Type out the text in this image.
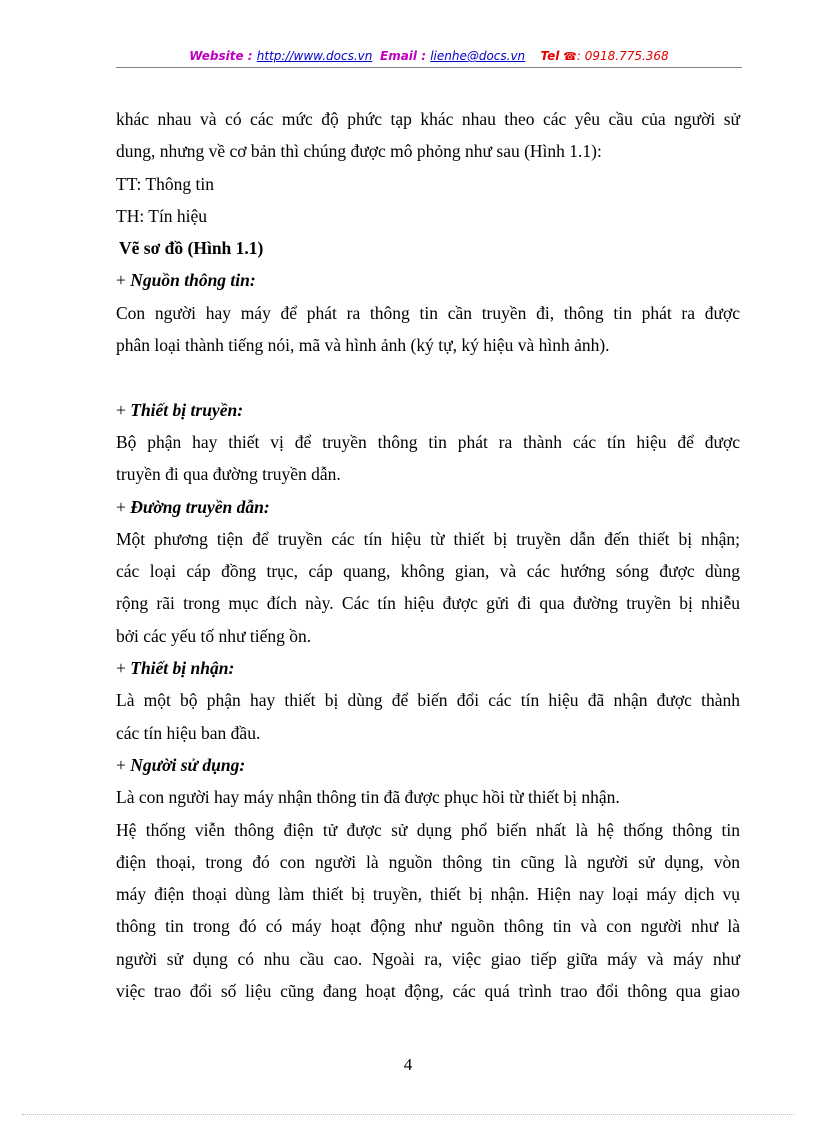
Website : http://www.docs.vn Email : lienhe@docs.vn Tel ☎: 0918.775.368
khác nhau và có các mức độ phức tạp khác nhau theo các yêu cầu của người sử
dung, nhưng về cơ bản thì chúng được mô phỏng như sau (Hình 1.1):
TT: Thông tin
TH: Tín hiệu
Vẽ sơ đồ (Hình 1.1)
+ Nguồn thông tin:
Con người hay máy để phát ra thông tin cần truyền đi, thông tin phát ra được
phân loại thành tiếng nói, mã và hình ảnh (ký tự, ký hiệu và hình ảnh).
+ Thiết bị truyền:
Bộ phận hay thiết vị để truyền thông tin phát ra thành các tín hiệu để được
truyền đi qua đường truyền dẫn.
+ Đường truyền dẫn:
Một phương tiện để truyền các tín hiệu từ thiết bị truyền dẫn đến thiết bị nhận;
các loại cáp đồng trục, cáp quang, không gian, và các hướng sóng được dùng
rộng rãi trong mục đích này. Các tín hiệu được gửi đi qua đường truyền bị nhiễu
bởi các yếu tố như tiếng ồn.
+ Thiết bị nhận:
Là một bộ phận hay thiết bị dùng để biến đổi các tín hiệu đã nhận được thành
các tín hiệu ban đầu.
+ Người sử dụng:
Là con người hay máy nhận thông tin đã được phục hồi từ thiết bị nhận.
Hệ thống viễn thông điện tử được sử dụng phổ biến nhất là hệ thống thông tin
điện thoại, trong đó con người là nguồn thông tin cũng là người sử dụng, vòn
máy điện thoại dùng làm thiết bị truyền, thiết bị nhận. Hiện nay loại máy dịch vụ
thông tin trong đó có máy hoạt động như nguồn thông tin và con người như là
người sử dụng có nhu cầu cao. Ngoài ra, việc giao tiếp giữa máy và máy như
việc trao đổi số liệu cũng đang hoạt động, các quá trình trao đổi thông qua giao
4
